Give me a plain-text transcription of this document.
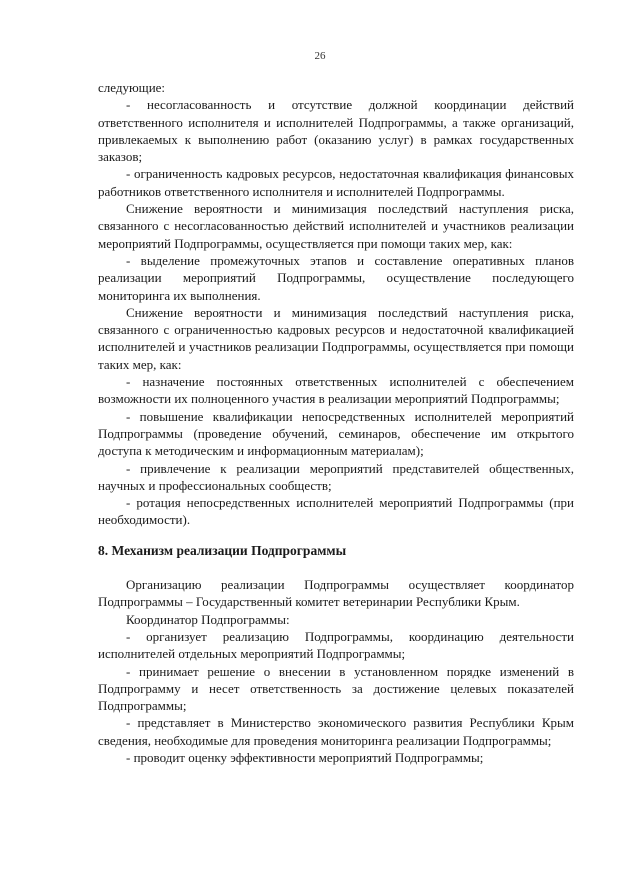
26

следующие:

- несогласованность и отсутствие должной координации действий ответственного исполнителя и исполнителей Подпрограммы, а также организаций, привлекаемых к выполнению работ (оказанию услуг) в рамках государственных заказов;

- ограниченность кадровых ресурсов, недостаточная квалификация финансовых работников ответственного исполнителя и исполнителей Подпрограммы.

Снижение вероятности и минимизация последствий наступления риска, связанного с несогласованностью действий исполнителей и участников реализации мероприятий Подпрограммы, осуществляется при помощи таких мер, как:

- выделение промежуточных этапов и составление оперативных планов реализации мероприятий Подпрограммы, осуществление последующего мониторинга их выполнения.

Снижение вероятности и минимизация последствий наступления риска, связанного с ограниченностью кадровых ресурсов и недостаточной квалификацией исполнителей и участников реализации Подпрограммы, осуществляется при помощи таких мер, как:

- назначение постоянных ответственных исполнителей с обеспечением возможности их полноценного участия в реализации мероприятий Подпрограммы;

- повышение квалификации непосредственных исполнителей мероприятий Подпрограммы (проведение обучений, семинаров, обеспечение им открытого доступа к методическим и информационным материалам);

- привлечение к реализации мероприятий представителей общественных, научных и профессиональных сообществ;

- ротация непосредственных исполнителей мероприятий Подпрограммы (при необходимости).

8. Механизм реализации Подпрограммы

Организацию реализации Подпрограммы осуществляет координатор Подпрограммы – Государственный комитет ветеринарии Республики Крым.

Координатор Подпрограммы:

- организует реализацию Подпрограммы, координацию деятельности исполнителей отдельных мероприятий Подпрограммы;

- принимает решение о внесении в установленном порядке изменений в Подпрограмму и несет ответственность за достижение целевых показателей Подпрограммы;

- представляет в Министерство экономического развития Республики Крым сведения, необходимые для проведения мониторинга реализации Подпрограммы;

- проводит оценку эффективности мероприятий Подпрограммы;
